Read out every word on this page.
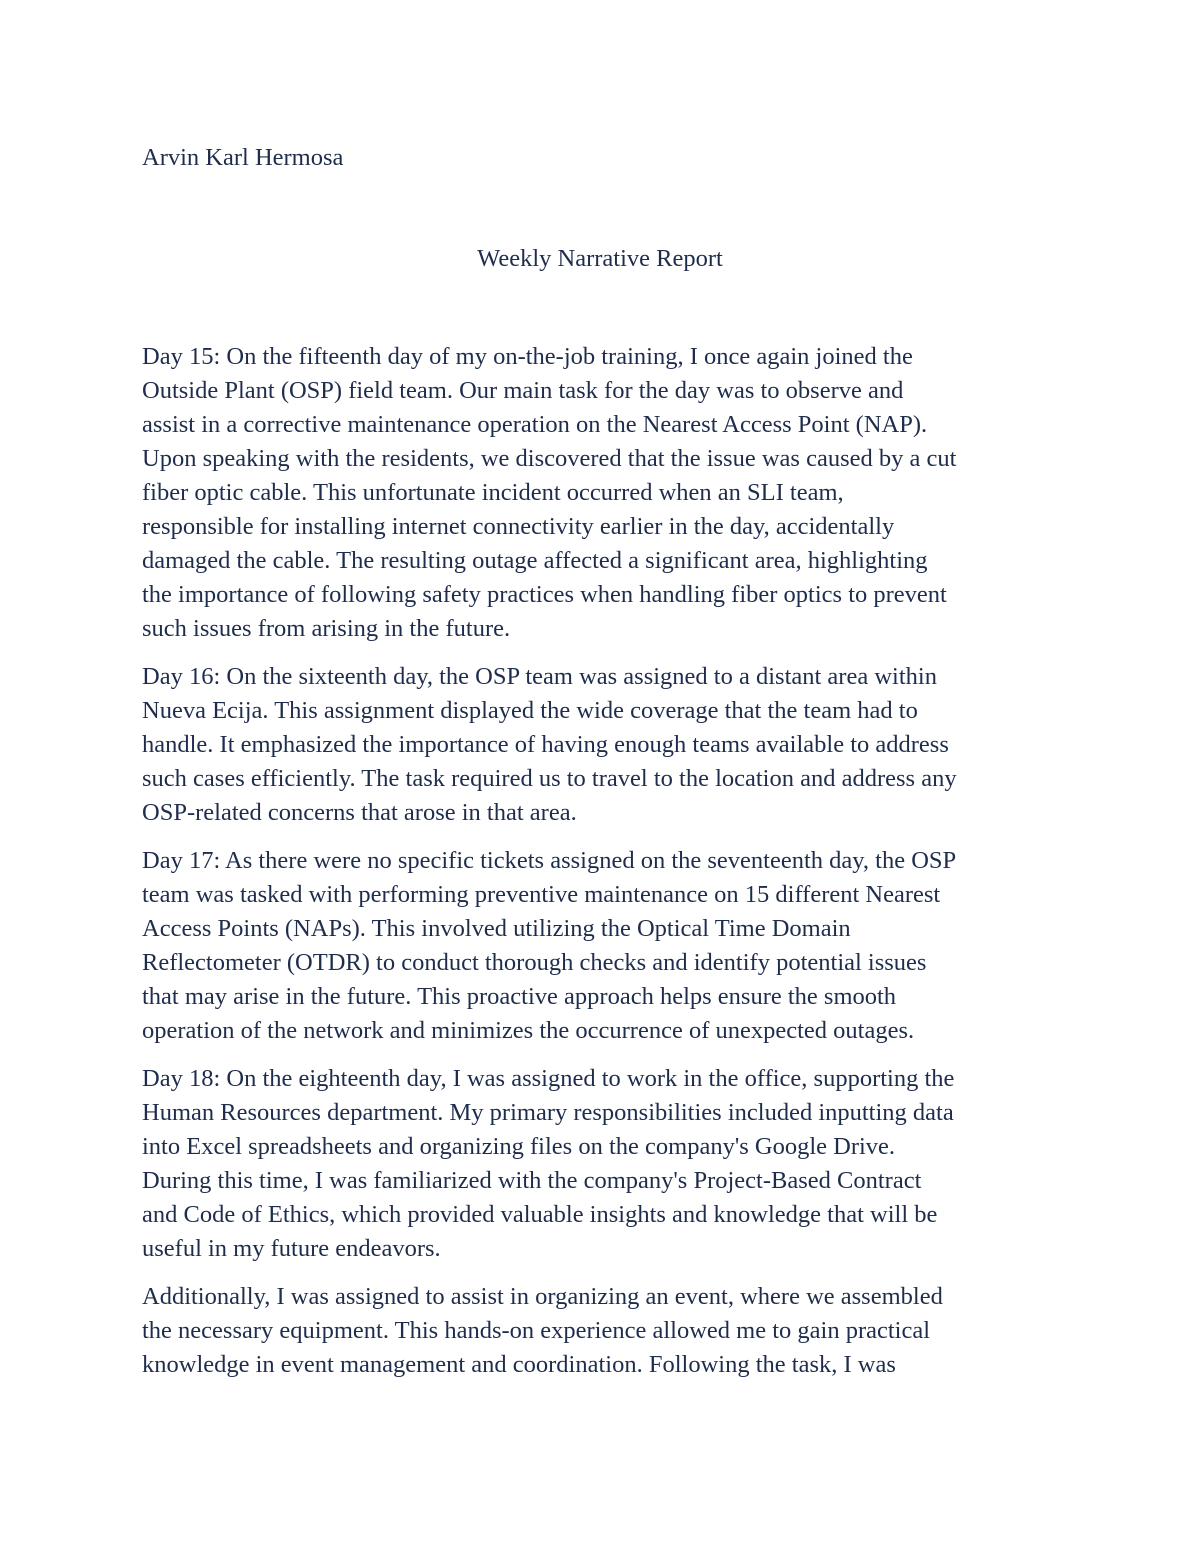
Arvin Karl Hermosa

Weekly Narrative Report

Day 15: On the fifteenth day of my on-the-job training, I once again joined the
Outside Plant (OSP) field team. Our main task for the day was to observe and
assist in a corrective maintenance operation on the Nearest Access Point (NAP).
Upon speaking with the residents, we discovered that the issue was caused by a cut
fiber optic cable. This unfortunate incident occurred when an SLI team,
responsible for installing internet connectivity earlier in the day, accidentally
damaged the cable. The resulting outage affected a significant area, highlighting
the importance of following safety practices when handling fiber optics to prevent
such issues from arising in the future.

Day 16: On the sixteenth day, the OSP team was assigned to a distant area within
Nueva Ecija. This assignment displayed the wide coverage that the team had to
handle. It emphasized the importance of having enough teams available to address
such cases efficiently. The task required us to travel to the location and address any
OSP-related concerns that arose in that area.

Day 17: As there were no specific tickets assigned on the seventeenth day, the OSP
team was tasked with performing preventive maintenance on 15 different Nearest
Access Points (NAPs). This involved utilizing the Optical Time Domain
Reflectometer (OTDR) to conduct thorough checks and identify potential issues
that may arise in the future. This proactive approach helps ensure the smooth
operation of the network and minimizes the occurrence of unexpected outages.

Day 18: On the eighteenth day, I was assigned to work in the office, supporting the
Human Resources department. My primary responsibilities included inputting data
into Excel spreadsheets and organizing files on the company's Google Drive.
During this time, I was familiarized with the company's Project-Based Contract
and Code of Ethics, which provided valuable insights and knowledge that will be
useful in my future endeavors.

Additionally, I was assigned to assist in organizing an event, where we assembled
the necessary equipment. This hands-on experience allowed me to gain practical
knowledge in event management and coordination. Following the task, I was
